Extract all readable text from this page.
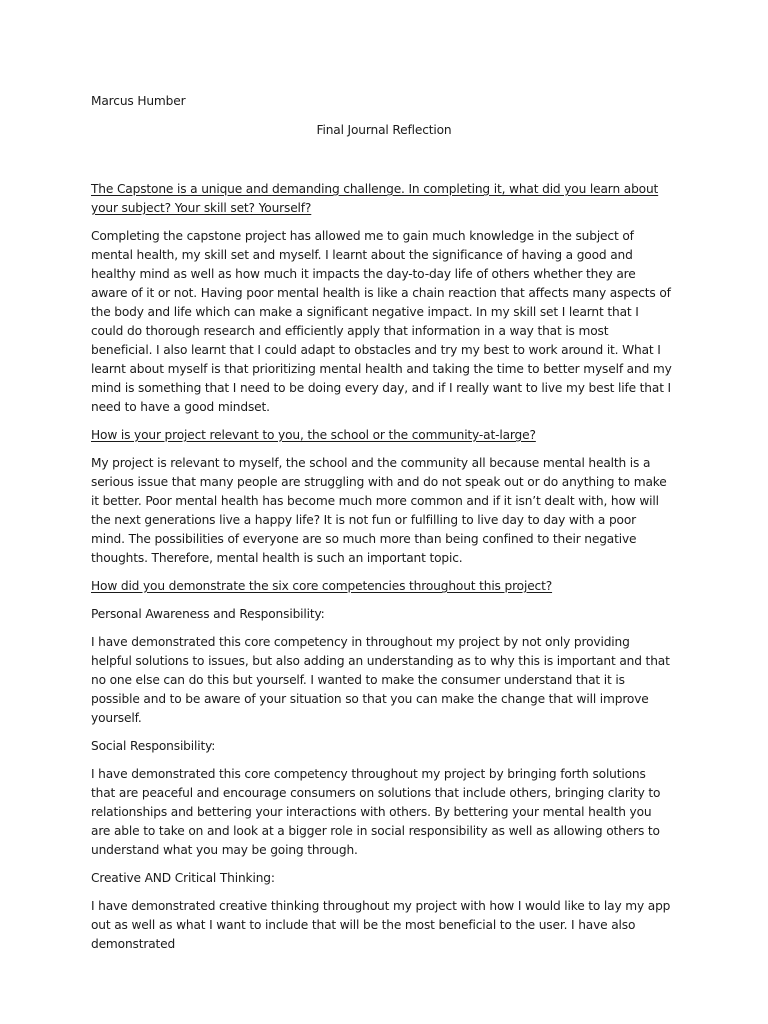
Marcus Humber

Final Journal Reflection

The Capstone is a unique and demanding challenge. In completing it, what did you learn about your subject? Your skill set? Yourself?

Completing the capstone project has allowed me to gain much knowledge in the subject of mental health, my skill set and myself. I learnt about the significance of having a good and healthy mind as well as how much it impacts the day-to-day life of others whether they are aware of it or not. Having poor mental health is like a chain reaction that affects many aspects of the body and life which can make a significant negative impact. In my skill set I learnt that I could do thorough research and efficiently apply that information in a way that is most beneficial. I also learnt that I could adapt to obstacles and try my best to work around it. What I learnt about myself is that prioritizing mental health and taking the time to better myself and my mind is something that I need to be doing every day, and if I really want to live my best life that I need to have a good mindset.

How is your project relevant to you, the school or the community-at-large?

My project is relevant to myself, the school and the community all because mental health is a serious issue that many people are struggling with and do not speak out or do anything to make it better. Poor mental health has become much more common and if it isn’t dealt with, how will the next generations live a happy life? It is not fun or fulfilling to live day to day with a poor mind. The possibilities of everyone are so much more than being confined to their negative thoughts. Therefore, mental health is such an important topic.

How did you demonstrate the six core competencies throughout this project?

Personal Awareness and Responsibility:

I have demonstrated this core competency in throughout my project by not only providing helpful solutions to issues, but also adding an understanding as to why this is important and that no one else can do this but yourself. I wanted to make the consumer understand that it is possible and to be aware of your situation so that you can make the change that will improve yourself.

Social Responsibility:

I have demonstrated this core competency throughout my project by bringing forth solutions that are peaceful and encourage consumers on solutions that include others, bringing clarity to relationships and bettering your interactions with others. By bettering your mental health you are able to take on and look at a bigger role in social responsibility as well as allowing others to understand what you may be going through.

Creative AND Critical Thinking:

I have demonstrated creative thinking throughout my project with how I would like to lay my app out as well as what I want to include that will be the most beneficial to the user. I have also demonstrated
